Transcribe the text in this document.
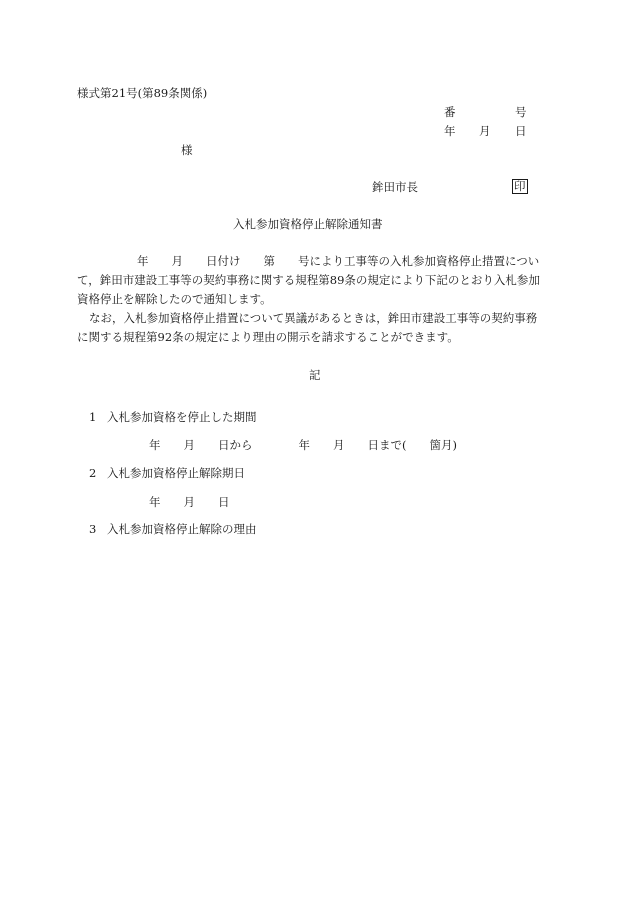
様式第21号(第89条関係)
番	号
年 月 日
様
鉾田市長	印
入札参加資格停止解除通知書
年　　月　　日付け　　第　　号により工事等の入札参加資格停止措置につい
て，鉾田市建設工事等の契約事務に関する規程第89条の規定により下記のとおり入札参加
資格停止を解除したので通知します。
なお，入札参加資格停止措置について異議があるときは，鉾田市建設工事等の契約事務
に関する規程第92条の規定により理由の開示を請求することができます。
記
1 入札参加資格を停止した期間
年　　月　　日から　　　　年　　月　　日まで(　　箇月)
2 入札参加資格停止解除期日
年　　月　　日
3 入札参加資格停止解除の理由
